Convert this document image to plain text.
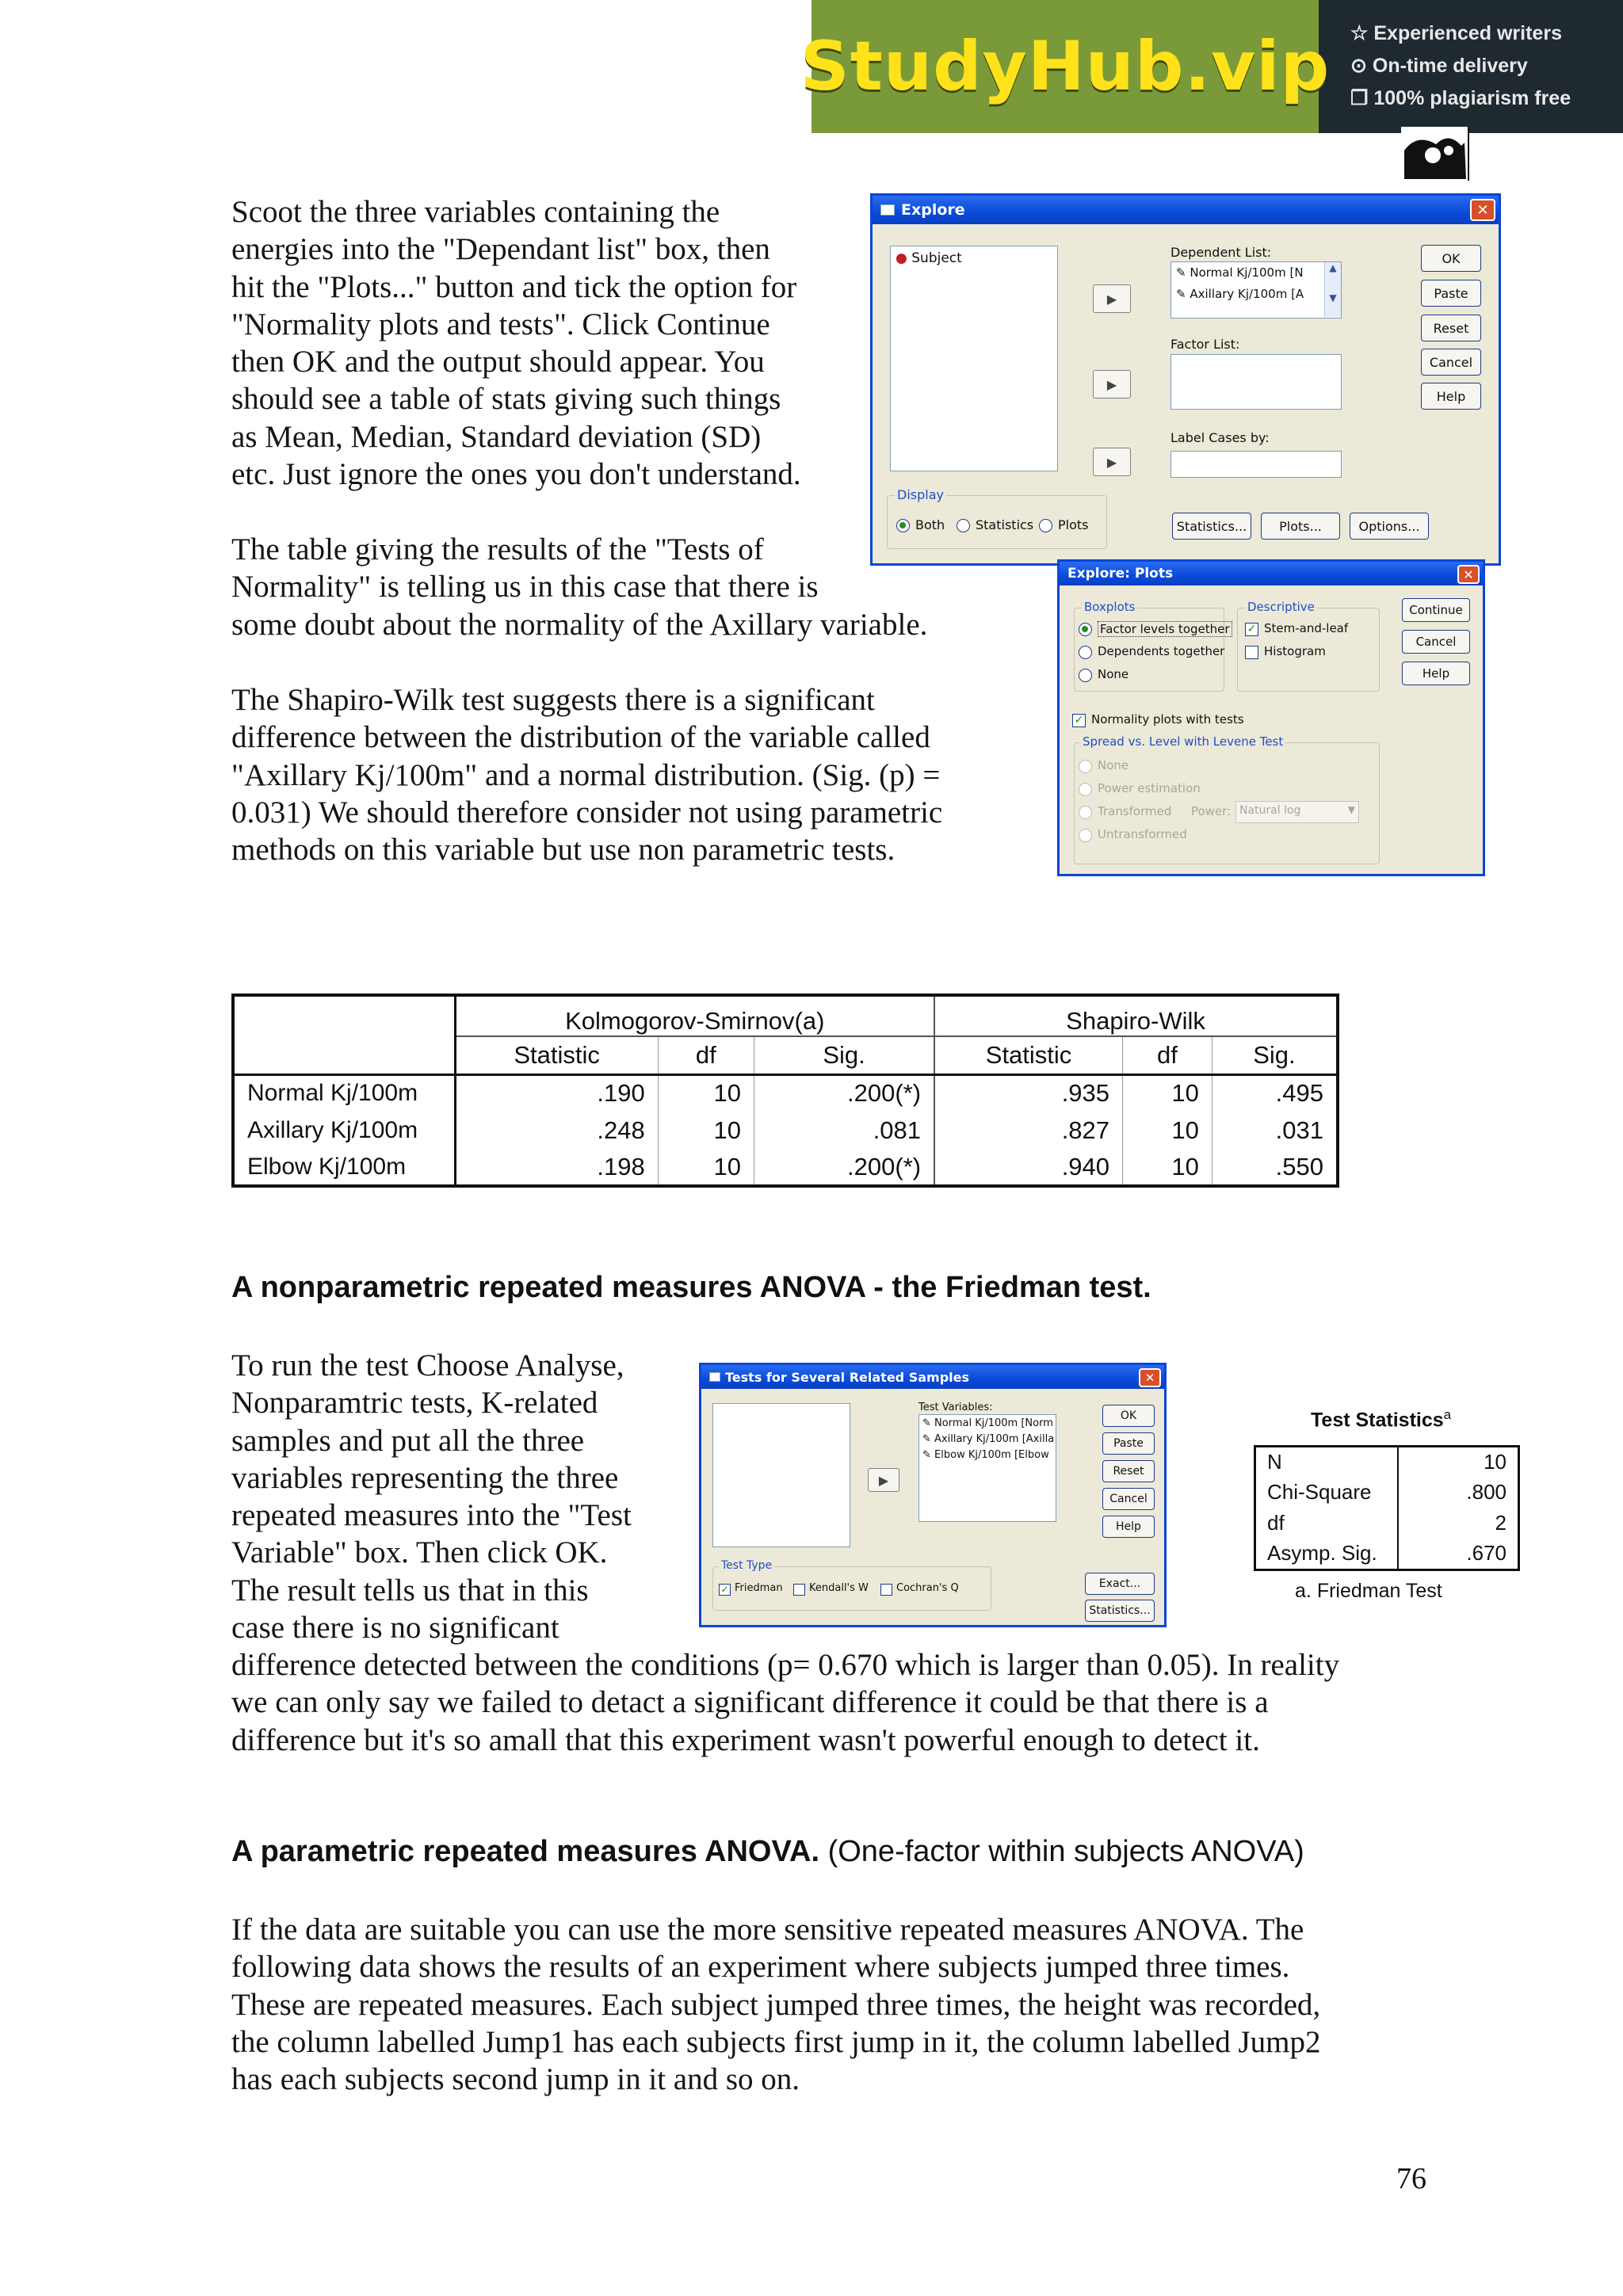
StudyHub.vip ☆ Experienced writers
⊙ On-time delivery
❐ 100% plagiarism free
Scoot the three variables containing the
energies into the "Dependant list" box, then
hit the "Plots..." button and tick the option for
"Normality plots and tests". Click Continue
then OK and the output should appear. You
should see a table of stats giving such things
as Mean, Median, Standard deviation (SD)
etc. Just ignore the ones you don't understand.
The table giving the results of the "Tests of
Normality" is telling us in this case that there is
some doubt about the normality of the Axillary variable.
The Shapiro-Wilk test suggests there is a significant
difference between the distribution of the variable called
"Axillary Kj/100m" and a normal distribution. (Sig. (p) =
0.031) We should therefore consider not using parametric
methods on this variable but use non parametric tests.
Explore	✕
● Subject
▶
▶
▶
Dependent List:
✎ Normal Kj/100m [N
✎ Axillary Kj/100m [A
▲
▼
Factor List:
Label Cases by:
OK
Paste
Reset
Cancel
Help
Display
Both Statistics Plots	Statistics...	Plots...	Options...
Explore: Plots	✕
Boxplots
Factor levels together
Dependents together
None
Descriptive
✓ Stem-and-leaf
Histogram
Continue
Cancel
Help
✓ Normality plots with tests
Spread vs. Level with Levene Test
None
Power estimation
Transformed Power: Natural log	▼
Untransformed
	Kolmogorov-Smirnov(a)			Shapiro-Wilk		
	Statistic	df	Sig.	Statistic	df	Sig.
Normal Kj/100m	.190	10	.200(*)	.935	10	.495
Axillary Kj/100m	.248	10	.081	.827	10	.031
Elbow Kj/100m	.198	10	.200(*)	.940	10	.550
A nonparametric repeated measures ANOVA - the Friedman test.
To run the test Choose Analyse,
Nonparamtric tests, K-related
samples and put all the three
variables representing the three
repeated measures into the "Test
Variable" box. Then click OK.
The result tells us that in this
case there is no significant
difference detected between the conditions (p= 0.670 which is larger than 0.05). In reality
we can only say we failed to detact a significant difference it could be that there is a
difference but it's so amall that this experiment wasn't powerful enough to detect it.
Tests for Several Related Samples	✕
▶
Test Variables:
✎ Normal Kj/100m [Norm
✎ Axillary Kj/100m [Axilla
✎ Elbow Kj/100m [Elbow
OK
Paste
Reset
Cancel
Help
Test Type
✓ Friedman	Kendall's W	Cochran's Q	Exact...
Statistics...
Test Statistics$^a$
N	10
Chi-Square	.800
df	2
Asymp. Sig.	.670
a. Friedman Test
A parametric repeated measures ANOVA. (One-factor within subjects ANOVA)
If the data are suitable you can use the more sensitive repeated measures ANOVA. The
following data shows the results of an experiment where subjects jumped three times.
These are repeated measures. Each subject jumped three times, the height was recorded,
the column labelled Jump1 has each subjects first jump in it, the column labelled Jump2
has each subjects second jump in it and so on.
76
